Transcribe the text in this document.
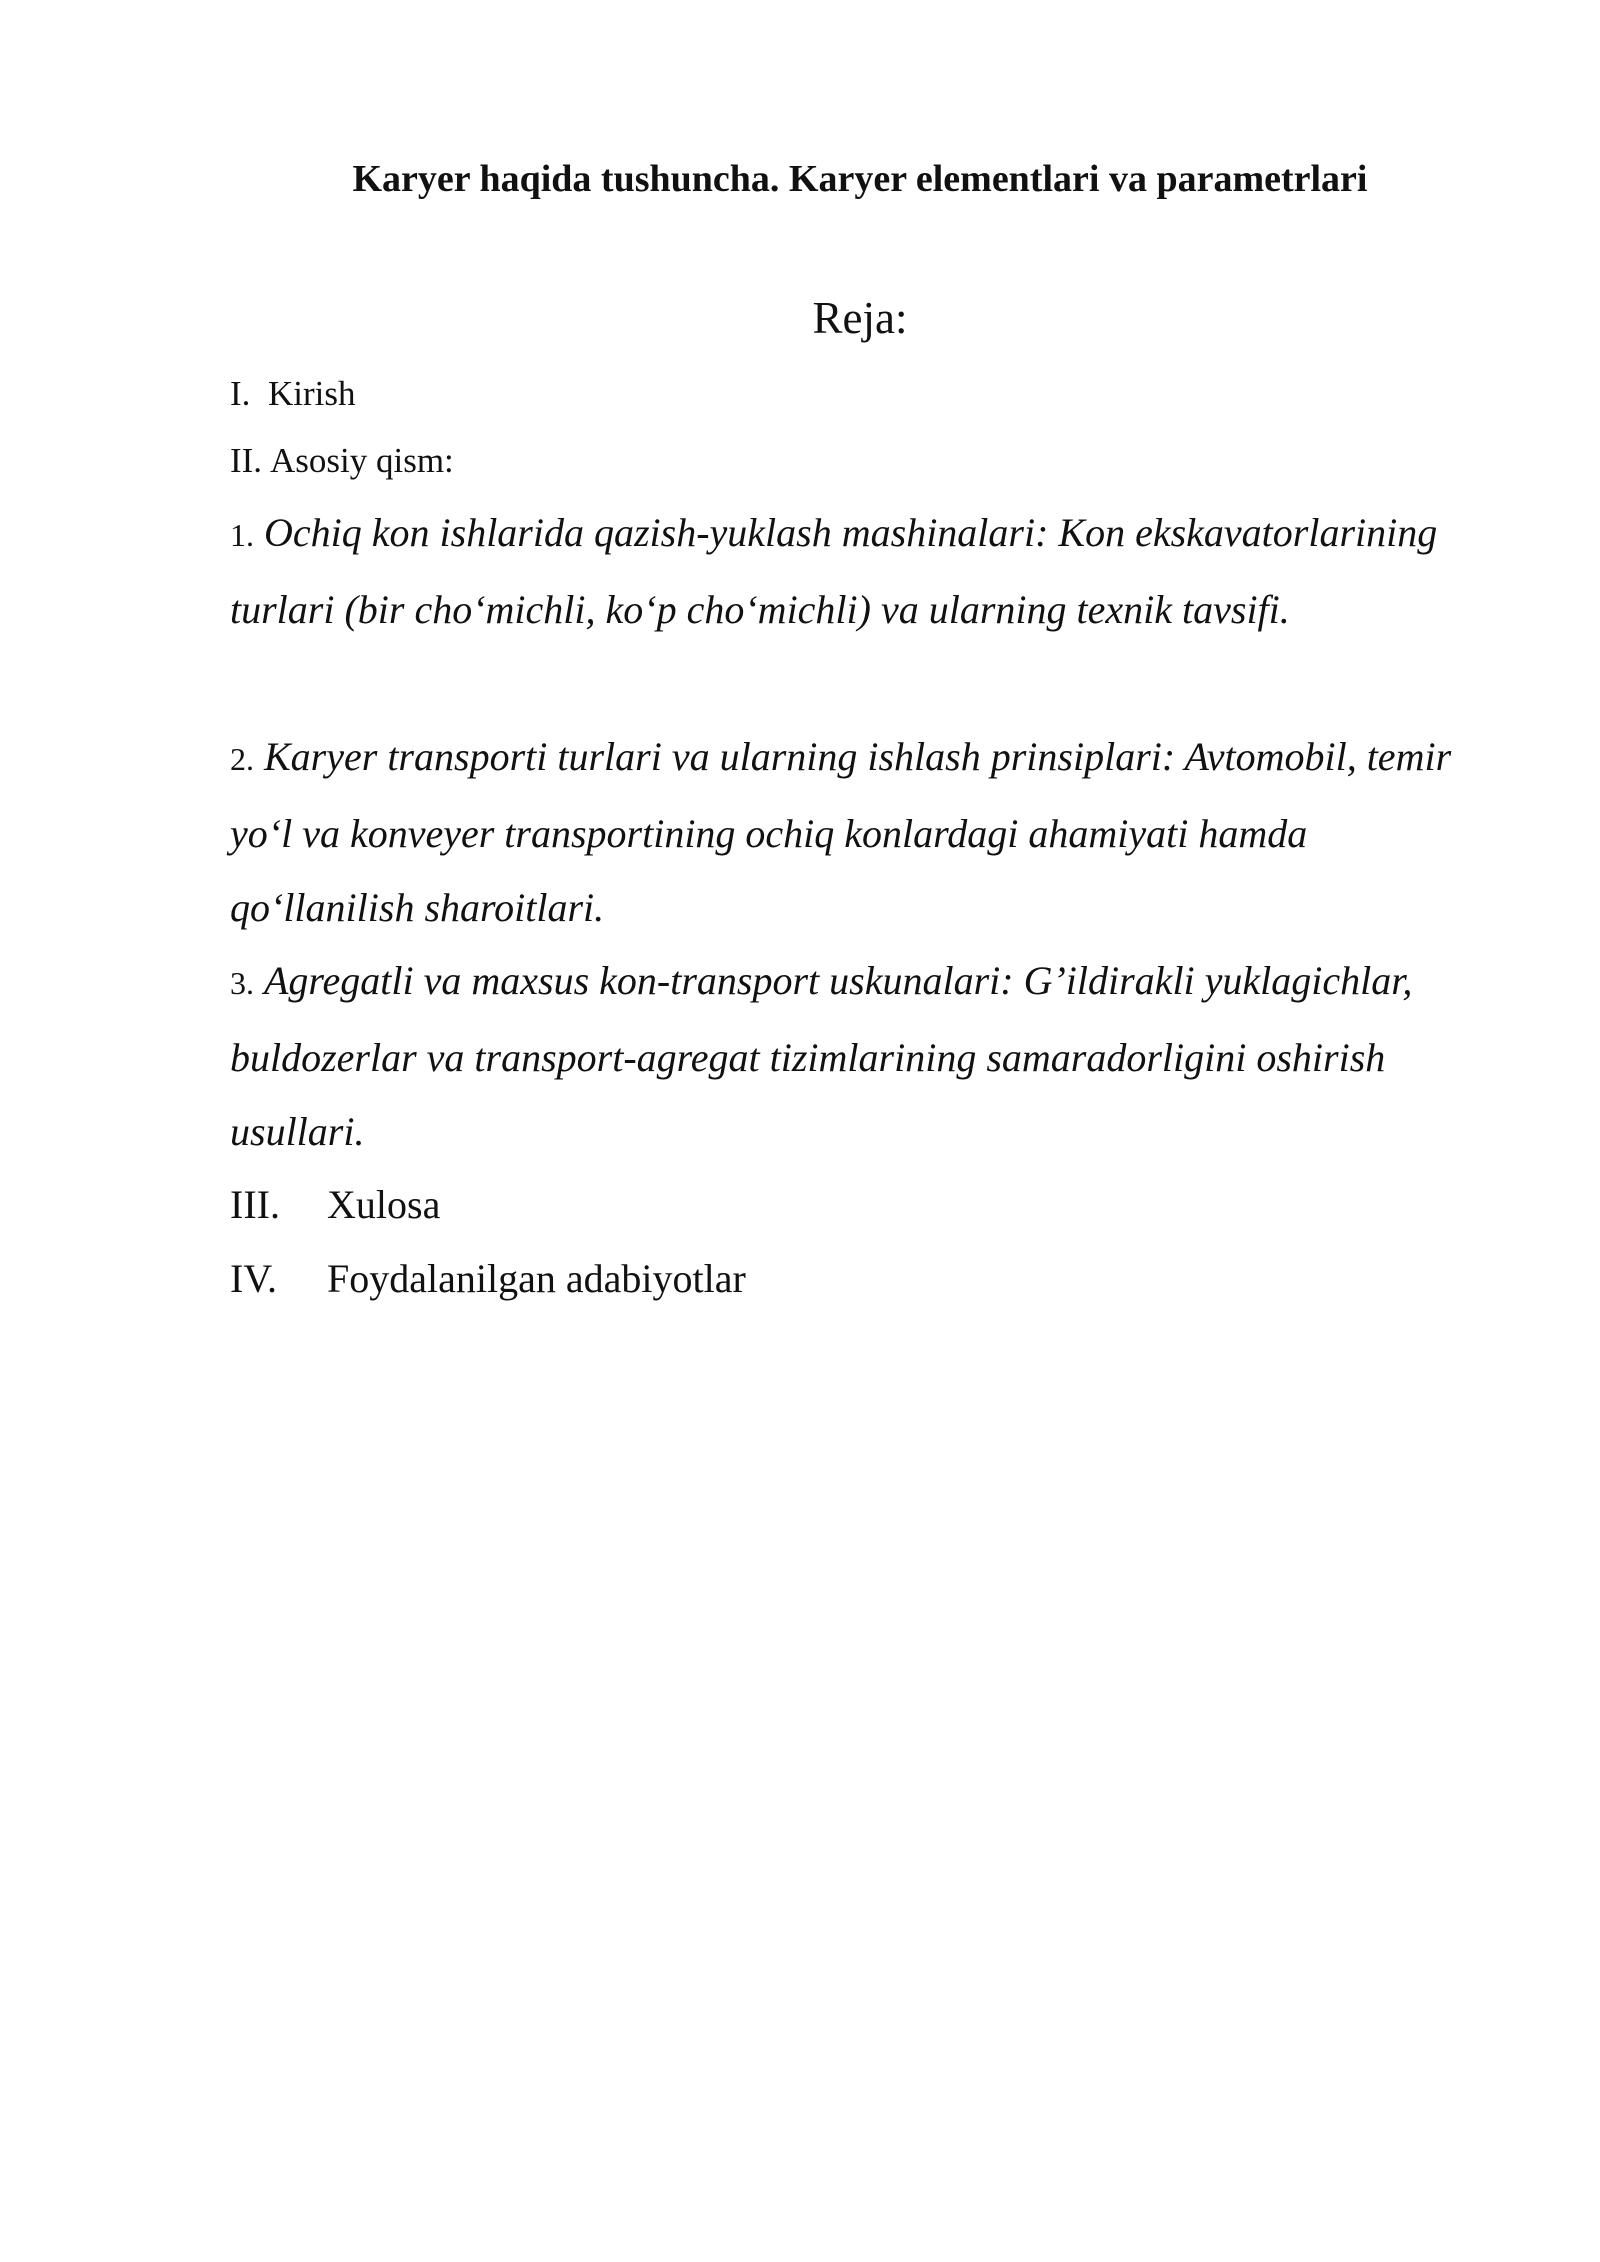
Karyer haqida tushuncha. Karyer elementlari va parametrlari
Reja:
I. Kirish
II. Asosiy qism:
1. Ochiq kon ishlarida qazish-yuklash mashinalari: Kon ekskavatorlarining turlari (bir cho‘michli, ko‘p cho‘michli) va ularning texnik tavsifi.
2. Karyer transporti turlari va ularning ishlash prinsiplari: Avtomobil, temir yo‘l va konveyer transportining ochiq konlardagi ahamiyati hamda qo‘llanilish sharoitlari.
3. Agregatli va maxsus kon-transport uskunalari: G’ildirakli yuklagichlar, buldozerlar va transport-agregat tizimlarining samaradorligini oshirish usullari.
III. Xulosa
IV. Foydalanilgan adabiyotlar
